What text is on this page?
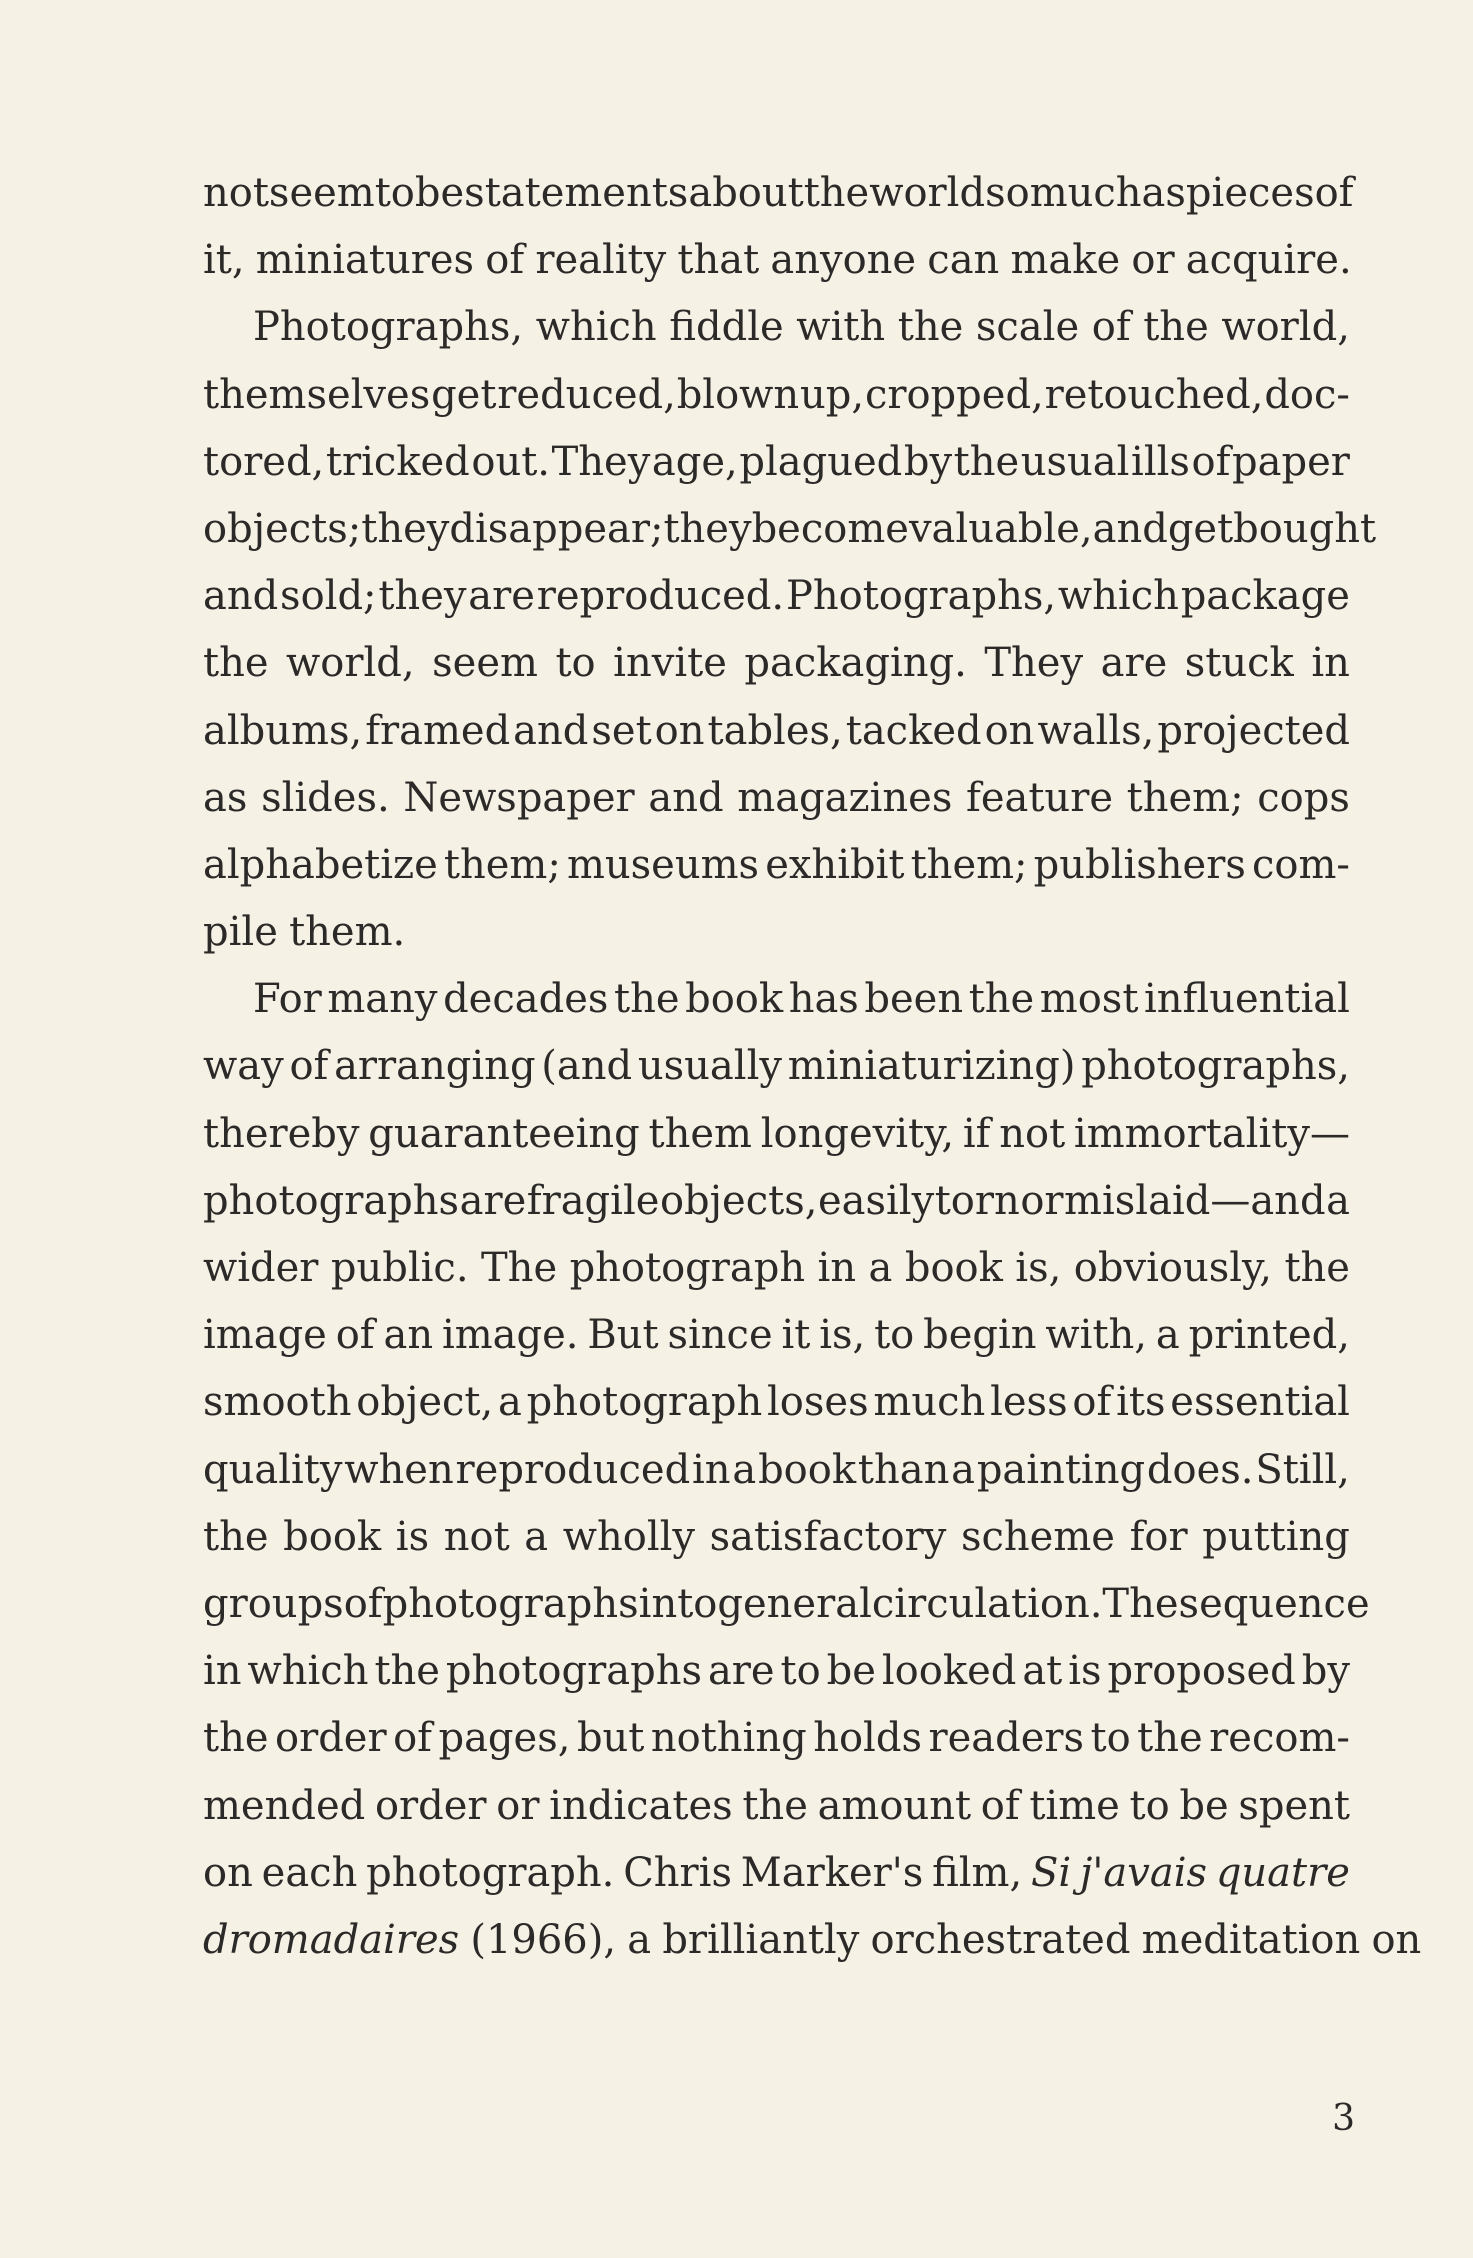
not seem to be statements about the world so much as pieces of
it, miniatures of reality that anyone can make or acquire.
Photographs, which fiddle with the scale of the world,
themselves get reduced, blown up, cropped, retouched, doc-
tored, tricked out. They age, plagued by the usual ills of paper
objects; they disappear; they become valuable, and get bought
and sold; they are reproduced. Photographs, which package
the world, seem to invite packaging. They are stuck in
albums, framed and set on tables, tacked on walls, projected
as slides. Newspaper and magazines feature them; cops
alphabetize them; museums exhibit them; publishers com-
pile them.
For many decades the book has been the most influential
way of arranging (and usually miniaturizing) photographs,
thereby guaranteeing them longevity, if not immortality—
photographs are fragile objects, easily torn or mislaid—and a
wider public. The photograph in a book is, obviously, the
image of an image. But since it is, to begin with, a printed,
smooth object, a photograph loses much less of its essential
quality when reproduced in a book than a painting does. Still,
the book is not a wholly satisfactory scheme for putting
groups of photographs into general circulation. The sequence
in which the photographs are to be looked at is proposed by
the order of pages, but nothing holds readers to the recom-
mended order or indicates the amount of time to be spent
on each photograph. Chris Marker's film, Si j'avais quatre
dromadaires (1966), a brilliantly orchestrated meditation on
3
